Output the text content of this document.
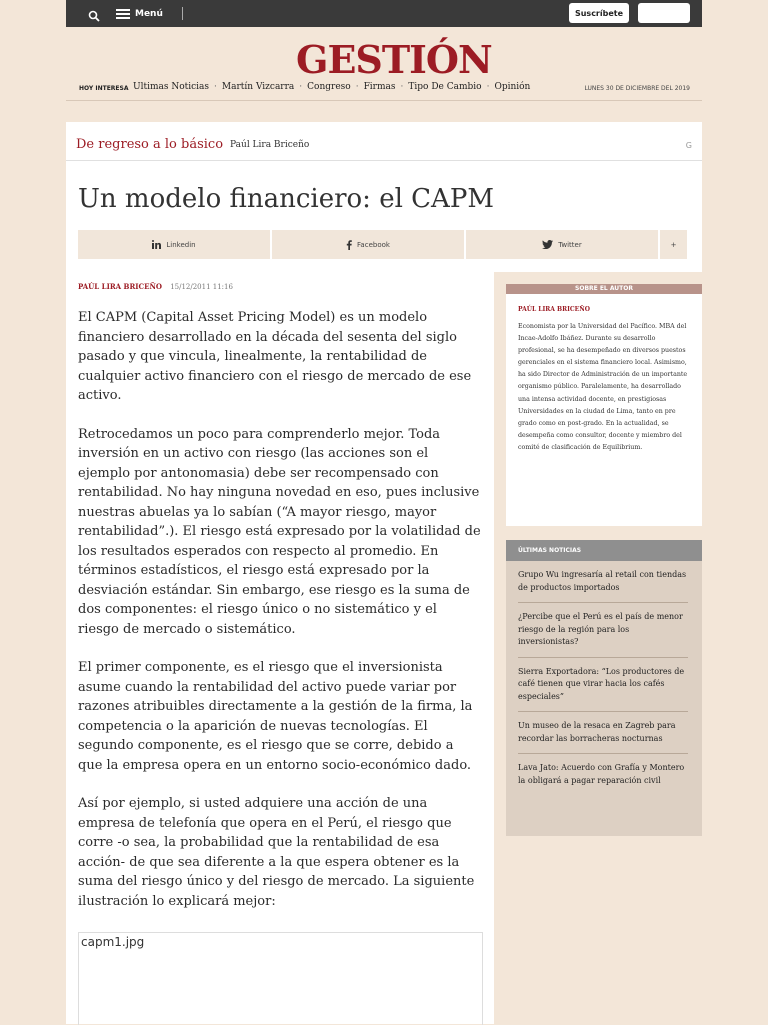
Menú	Suscríbete
GESTIÓN
HOY INTERESA Ultimas Noticias · Martín Vizcarra · Congreso · Firmas · Tipo De Cambio · Opinión	LUNES 30 DE DICIEMBRE DEL 2019
De regreso a lo básico Paúl Lira Briceño	G
Un modelo financiero: el CAPM
Linkedin	Facebook	Twitter	+
PAÚL LIRA BRICEÑO 15/12/2011 11:16

El CAPM (Capital Asset Pricing Model) es un modelo financiero desarrollado en la década del sesenta del siglo pasado y que vincula, linealmente, la rentabilidad de cualquier activo financiero con el riesgo de mercado de ese activo.

Retrocedamos un poco para comprenderlo mejor. Toda inversión en un activo con riesgo (las acciones son el ejemplo por antonomasia) debe ser recompensado con rentabilidad. No hay ninguna novedad en eso, pues inclusive nuestras abuelas ya lo sabían (“A mayor riesgo, mayor rentabilidad”.). El riesgo está expresado por la volatilidad de los resultados esperados con respecto al promedio. En términos estadísticos, el riesgo está expresado por la desviación estándar. Sin embargo, ese riesgo es la suma de dos componentes: el riesgo único o no sistemático y el riesgo de mercado o sistemático.

El primer componente, es el riesgo que el inversionista asume cuando la rentabilidad del activo puede variar por razones atribuibles directamente a la gestión de la firma, la competencia o la aparición de nuevas tecnologías. El segundo componente, es el riesgo que se corre, debido a que la empresa opera en un entorno socio-económico dado.

Así por ejemplo, si usted adquiere una acción de una empresa de telefonía que opera en el Perú, el riesgo que corre -o sea, la probabilidad que la rentabilidad de esa acción- de que sea diferente a la que espera obtener es la suma del riesgo único y del riesgo de mercado. La siguiente ilustración lo explicará mejor:

capm1.jpg
SOBRE EL AUTOR
PAÚL LIRA BRICEÑO
Economista por la Universidad del Pacífico. MBA del Incae-Adolfo Ibáñez. Durante su desarrollo profesional, se ha desempeñado en diversos puestos gerenciales en el sistema financiero local. Asimismo, ha sido Director de Administración de un importante organismo público. Paralelamente, ha desarrollado una intensa actividad docente, en prestigiosas Universidades en la ciudad de Lima, tanto en pre grado como en post-grado. En la actualidad, se desempeña como consultor, docente y miembro del comité de clasificación de Equilibrium.
ÚLTIMAS NOTICIAS
Grupo Wu ingresaría al retail con tiendas de productos importados
¿Percibe que el Perú es el país de menor riesgo de la región para los inversionistas?
Sierra Exportadora: “Los productores de café tienen que virar hacia los cafés especiales”
Un museo de la resaca en Zagreb para recordar las borracheras nocturnas
Lava Jato: Acuerdo con Grafía y Montero la obligará a pagar reparación civil
